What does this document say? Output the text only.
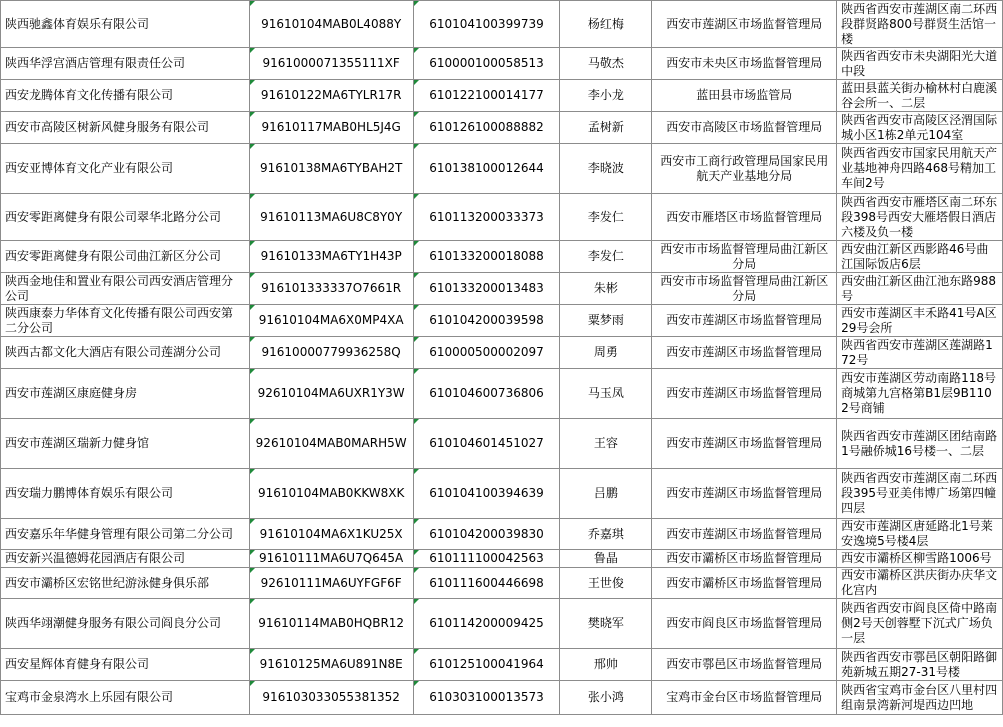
陕西驰鑫体育娱乐有限公司	91610104MAB0L4088Y	610104100399739	杨红梅	西安市莲湖区市场监督管理局	陕西省西安市莲湖区南二环西段群贤路800号群贤生活馆一楼
陕西华浮宫酒店管理有限责任公司	9161000071355111XF	610000100058513	马敬杰	西安市未央区市场监督管理局	陕西省西安市未央湖阳光大道中段
西安龙腾体育文化传播有限公司	91610122MA6TYLR17R	610122100014177	李小龙	蓝田县市场监管局	蓝田县蓝关街办榆林村白鹿溪谷会所一、二层
西安市高陵区树新风健身服务有限公司	91610117MAB0HL5J4G	610126100088882	孟树新	西安市高陵区市场监督管理局	陕西省西安市高陵区泾渭国际城小区1栋2单元104室
西安亚博体育文化产业有限公司	91610138MA6TYBAH2T	610138100012644	李晓波	西安市工商行政管理局国家民用航天产业基地分局	陕西省西安市国家民用航天产业基地神舟四路468号精加工车间2号
西安零距离健身有限公司翠华北路分公司	91610113MA6U8C8Y0Y	610113200033373	李发仁	西安市雁塔区市场监督管理局	陕西省西安市雁塔区南二环东段398号西安大雁塔假日酒店六楼及负一楼
西安零距离健身有限公司曲江新区分公司	91610133MA6TY1H43P	610133200018088	李发仁	西安市市场监督管理局曲江新区分局	西安曲江新区西影路46号曲江国际饭店6层
陕西金地佳和置业有限公司西安酒店管理分公司	916101333337O7661R	610133200013483	朱彬	西安市市场监督管理局曲江新区分局	西安曲江新区曲江池东路988号
陕西康泰力华体育文化传播有限公司西安第二分公司	91610104MA6X0MP4XA	610104200039598	粟梦雨	西安市莲湖区市场监督管理局	西安市莲湖区丰禾路41号A区29号会所
陕西古都文化大酒店有限公司莲湖分公司	91610000779936258Q	610000500002097	周勇	西安市莲湖区市场监督管理局	陕西省西安市莲湖区莲湖路172号
西安市莲湖区康庭健身房	92610104MA6UXR1Y3W	610104600736806	马玉凤	西安市莲湖区市场监督管理局	西安市莲湖区劳动南路118号商城第九宫格第B1层9B1102号商铺
西安市莲湖区瑞新力健身馆	92610104MAB0MARH5W	610104601451027	王容	西安市莲湖区市场监督管理局	陕西省西安市莲湖区团结南路1号融侨城16号楼一、二层
西安瑞力鹏博体育娱乐有限公司	91610104MAB0KKW8XK	610104100394639	吕鹏	西安市莲湖区市场监督管理局	陕西省西安市莲湖区南二环西段395号亚美伟博广场第四幢四层
西安嘉乐年华健身管理有限公司第二分公司	91610104MA6X1KU25X	610104200039830	乔嘉琪	西安市莲湖区市场监督管理局	西安市莲湖区唐延路北1号莱安逸境5号楼4层
西安新兴温德姆花园酒店有限公司	91610111MA6U7Q645A	610111100042563	鲁晶	西安市灞桥区市场监督管理局	西安市灞桥区柳雪路1006号
西安市灞桥区宏铭世纪游泳健身俱乐部	92610111MA6UYFGF6F	610111600446698	王世俊	西安市灞桥区市场监督管理局	西安市灞桥区洪庆街办庆华文化宫内
陕西华翊潮健身服务有限公司阎良分公司	91610114MAB0HQBR12	610114200009425	樊晓军	西安市阎良区市场监督管理局	陕西省西安市阎良区倚中路南侧2号天创蓉墅下沉式广场负一层
西安星辉体育健身有限公司	91610125MA6U891N8E	610125100041964	邢帅	西安市鄠邑区市场监督管理局	陕西省西安市鄠邑区朝阳路御苑新城五期27-31号楼
宝鸡市金泉湾水上乐园有限公司	916103033055381352	610303100013573	张小鸿	宝鸡市金台区市场监督管理局	陕西省宝鸡市金台区八里村四组南景湾新河堤西边凹地
